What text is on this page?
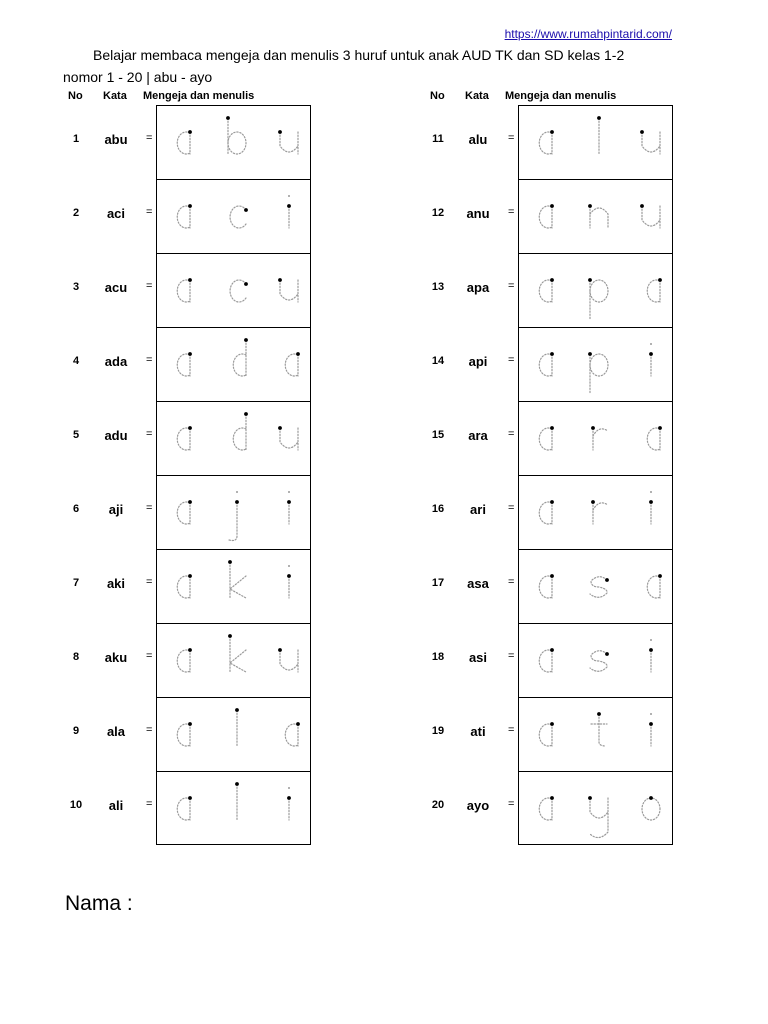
https://www.rumahpintarid.com/
Belajar membaca mengeja dan menulis 3 huruf untuk anak AUD TK dan SD kelas 1-2
nomor 1 - 20 | abu - ayo
No Kata Mengeja dan menulis
1	abu	=
2	aci	=
3	acu	=
4	ada	=
5	adu	=
6	aji	=
7	aki	=
8	aku	=
9	ala	=
10	ali	=
No Kata Mengeja dan menulis
11	alu	=
12	anu	=
13	apa	=
14	api	=
15	ara	=
16	ari	=
17	asa	=
18	asi	=
19	ati	=
20	ayo	=
Nama :
